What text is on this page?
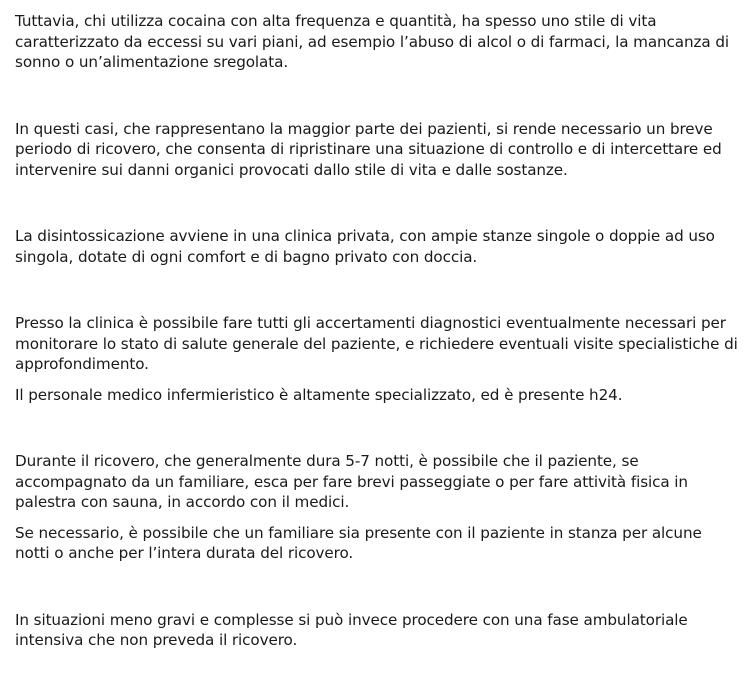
Tuttavia, chi utilizza cocaina con alta frequenza e quantità, ha spesso uno stile di vita caratterizzato da eccessi su vari piani, ad esempio l’abuso di alcol o di farmaci, la mancanza di sonno o un’alimentazione sregolata.

In questi casi, che rappresentano la maggior parte dei pazienti, si rende necessario un breve periodo di ricovero, che consenta di ripristinare una situazione di controllo e di intercettare ed intervenire sui danni organici provocati dallo stile di vita e dalle sostanze.

La disintossicazione avviene in una clinica privata, con ampie stanze singole o doppie ad uso singola, dotate di ogni comfort e di bagno privato con doccia.

Presso la clinica è possibile fare tutti gli accertamenti diagnostici eventualmente necessari per monitorare lo stato di salute generale del paziente, e richiedere eventuali visite specialistiche di approfondimento.

Il personale medico infermieristico è altamente specializzato, ed è presente h24.

Durante il ricovero, che generalmente dura 5-7 notti, è possibile che il paziente, se accompagnato da un familiare, esca per fare brevi passeggiate o per fare attività fisica in palestra con sauna, in accordo con il medici.

Se necessario, è possibile che un familiare sia presente con il paziente in stanza per alcune notti o anche per l’intera durata del ricovero.

In situazioni meno gravi e complesse si può invece procedere con una fase ambulatoriale intensiva che non preveda il ricovero.
